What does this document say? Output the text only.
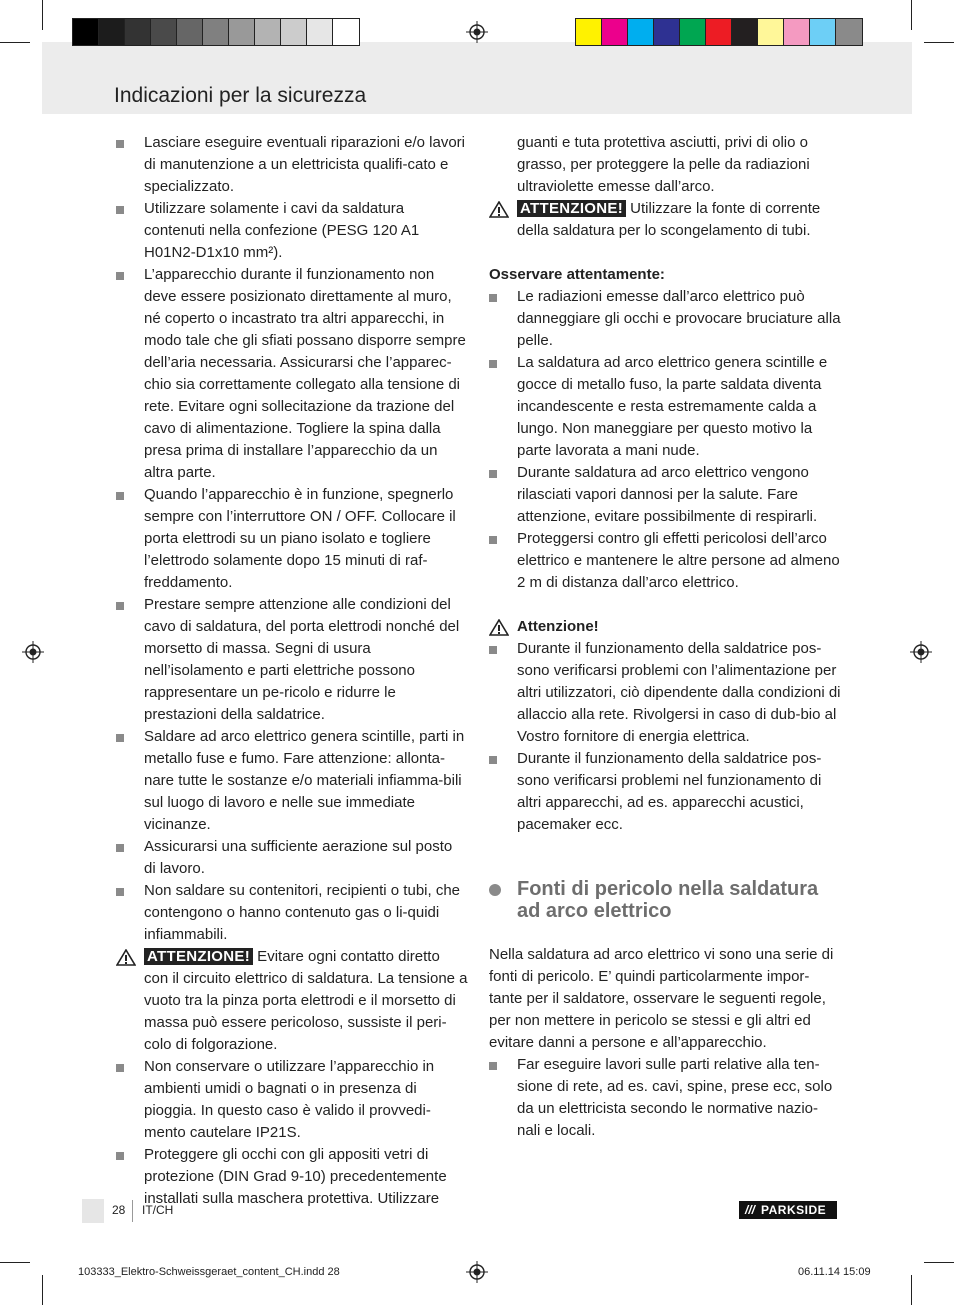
Indicazioni per la sicurezza
Lasciare eseguire eventuali riparazioni e/o lavori di manutenzione a un elettricista qualifi-cato e specializzato.
Utilizzare solamente i cavi da saldatura contenuti nella confezione (PESG 120 A1 H01N2-D1x10 mm²).
L’apparecchio durante il funzionamento non deve essere posizionato direttamente al muro, né coperto o incastrato tra altri apparecchi, in modo tale che gli sfiati possano disporre sempre dell’aria necessaria. Assicurarsi che l’apparec-chio sia correttamente collegato alla tensione di rete. Evitare ogni sollecitazione da trazione del cavo di alimentazione. Togliere la spina dalla presa prima di installare l’apparecchio da un altra parte.
Quando l’apparecchio è in funzione, spegnerlo sempre con l’interruttore ON / OFF. Collocare il porta elettrodi su un piano isolato e togliere l’elettrodo solamente dopo 15 minuti di raf-freddamento.
Prestare sempre attenzione alle condizioni del cavo di saldatura, del porta elettrodi nonché del morsetto di massa. Segni di usura nell’isolamento e parti elettriche possono rappresentare un pe-ricolo e ridurre le prestazioni della saldatrice.
Saldare ad arco elettrico genera scintille, parti in metallo fuse e fumo. Fare attenzione: allonta-nare tutte le sostanze e/o materiali infiamma-bili sul luogo di lavoro e nelle sue immediate vicinanze.
Assicurarsi una sufficiente aerazione sul posto di lavoro.
Non saldare su contenitori, recipienti o tubi, che contengono o hanno contenuto gas o li-quidi infiammabili.
ATTENZIONE! Evitare ogni contatto diretto con il circuito elettrico di saldatura. La tensione a vuoto tra la pinza porta elettrodi e il morsetto di massa può essere pericoloso, sussiste il peri-colo di folgorazione.
Non conservare o utilizzare l’apparecchio in ambienti umidi o bagnati o in presenza di pioggia. In questo caso è valido il provvedi-mento cautelare IP21S.
Proteggere gli occhi con gli appositi vetri di protezione (DIN Grad 9-10) precedentemente installati sulla maschera protettiva. Utilizzare
guanti e tuta protettiva asciutti, privi di olio o grasso, per proteggere la pelle da radiazioni ultraviolette emesse dall’arco.
ATTENZIONE! Utilizzare la fonte di corrente della saldatura per lo scongelamento di tubi.
Osservare attentamente:
Le radiazioni emesse dall’arco elettrico può danneggiare gli occhi e provocare bruciature alla pelle.
La saldatura ad arco elettrico genera scintille e gocce di metallo fuso, la parte saldata diventa incandescente e resta estremamente calda a lungo. Non maneggiare per questo motivo la parte lavorata a mani nude.
Durante saldatura ad arco elettrico vengono rilasciati vapori dannosi per la salute. Fare attenzione, evitare possibilmente di respirarli.
Proteggersi contro gli effetti pericolosi dell’arco elettrico e mantenere le altre persone ad almeno 2 m di distanza dall’arco elettrico.
Attenzione!
Durante il funzionamento della saldatrice pos-sono verificarsi problemi con l’alimentazione per altri utilizzatori, ciò dipendente dalla condizioni di allaccio alla rete. Rivolgersi in caso di dub-bio al Vostro fornitore di energia elettrica.
Durante il funzionamento della saldatrice pos-sono verificarsi problemi nel funzionamento di altri apparecchi, ad es. apparecchi acustici, pacemaker ecc.
Fonti di pericolo nella saldatura ad arco elettrico
Nella saldatura ad arco elettrico vi sono una serie di fonti di pericolo. E’ quindi particolarmente impor-tante per il saldatore, osservare le seguenti regole, per non mettere in pericolo se stessi e gli altri ed evitare danni a persone e all’apparecchio.
Far eseguire lavori sulle parti relative alla ten-sione di rete, ad es. cavi, spine, prese ecc, solo da un elettricista secondo le normative nazio-nali e locali.
28 IT/CH	/// PARKSIDE
103333_Elektro-Schweissgeraet_content_CH.indd 28	06.11.14 15:09
